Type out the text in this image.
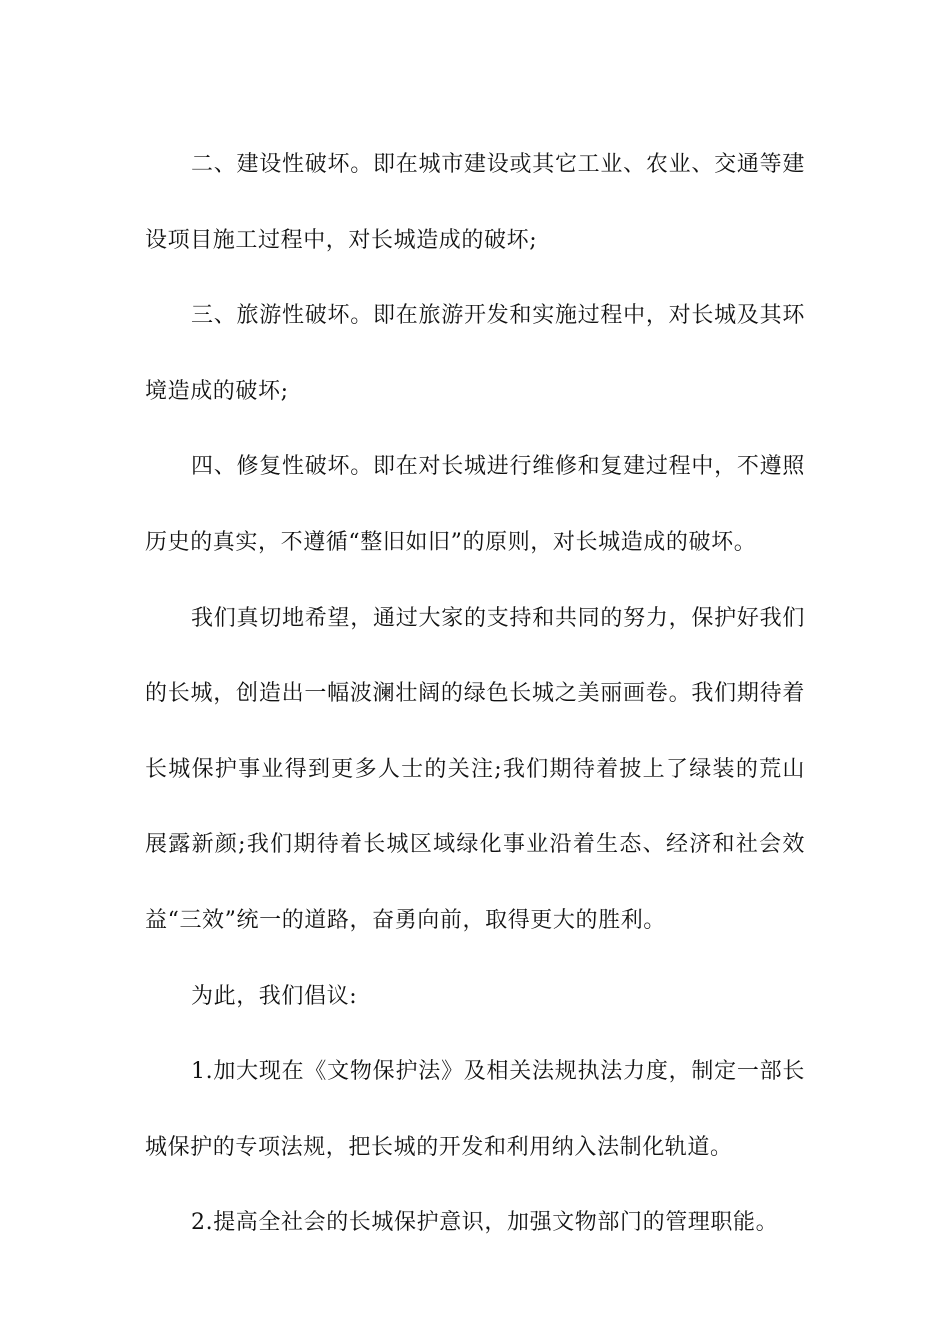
二、建设性破坏。即在城市建设或其它工业、农业、交通等建设项目施工过程中，对长城造成的破坏;

三、旅游性破坏。即在旅游开发和实施过程中，对长城及其环境造成的破坏;

四、修复性破坏。即在对长城进行维修和复建过程中，不遵照历史的真实，不遵循“整旧如旧”的原则，对长城造成的破坏。

我们真切地希望，通过大家的支持和共同的努力，保护好我们的长城，创造出一幅波澜壮阔的绿色长城之美丽画卷。我们期待着长城保护事业得到更多人士的关注;我们期待着披上了绿装的荒山展露新颜;我们期待着长城区域绿化事业沿着生态、经济和社会效益“三效”统一的道路，奋勇向前，取得更大的胜利。

为此，我们倡议:

1.加大现在《文物保护法》及相关法规执法力度，制定一部长城保护的专项法规，把长城的开发和利用纳入法制化轨道。

2.提高全社会的长城保护意识，加强文物部门的管理职能。
